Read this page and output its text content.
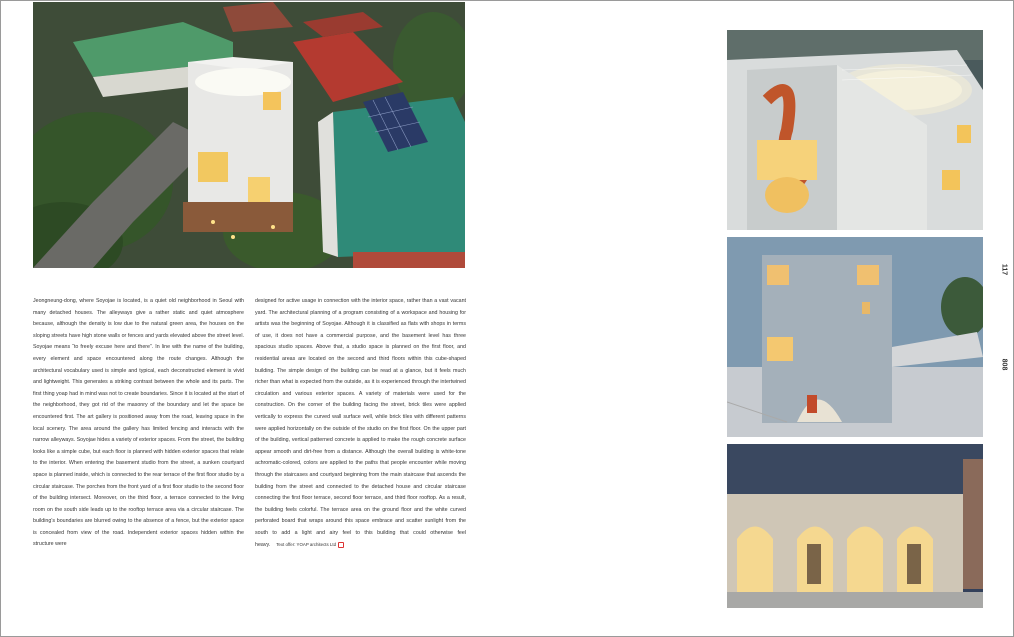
Jeongneung-dong, where Soyojae is located, is a quiet old neighborhood in Seoul with many detached houses. The alleyways give a rather static and quiet atmosphere because, although the density is low due to the natural green area, the houses on the sloping streets have high stone walls or fences and yards elevated above the street level. Soyojae means “to freely excuse here and there”. In line with the name of the building, every element and space encountered along the route changes. Although the architectural vocabulary used is simple and typical, each deconstructed element is vivid and lightweight. This generates a striking contrast between the whole and its parts. The first thing yoap had in mind was not to create boundaries. Since it is located at the start of the neighborhood, they got rid of the masonry of the boundary and let the space be encountered first. The art gallery is positioned away from the road, leaving space in the local scenery. The area around the gallery has limited fencing and interacts with the narrow alleyways. Soyojae hides a variety of exterior spaces. From the street, the building looks like a simple cube, but each floor is planned with hidden exterior spaces that relate to the interior. When entering the basement studio from the street, a sunken courtyard space is planned inside, which is connected to the rear terrace of the first floor studio by a circular staircase. The porches from the front yard of a first floor studio to the second floor of the building intersect. Moreover, on the third floor, a terrace connected to the living room on the south side leads up to the rooftop terrace area via a circular staircase. The building’s boundaries are blurred owing to the absence of a fence, but the exterior space is concealed from view of the road. Independent exterior spaces hidden within the structure were
designed for active usage in connection with the interior space, rather than a vast vacant yard. The architectural planning of a program consisting of a workspace and housing for artists was the beginning of Soyojae. Although it is classified as flats with shops in terms of use, it does not have a commercial purpose, and the basement level has three spacious studio spaces. Above that, a studio space is planned on the first floor, and residential areas are located on the second and third floors within this cube-shaped building. The simple design of the building can be read at a glance, but it feels much richer than what is expected from the outside, as it is experienced through the intertwined circulation and various exterior spaces. A variety of materials were used for the construction. On the corner of the building facing the street, brick tiles were applied vertically to express the curved wall surface well, while brick tiles with different patterns were applied horizontally on the outside of the studio on the first floor. On the upper part of the building, vertical patterned concrete is applied to make the rough concrete surface appear smooth and dirt-free from a distance. Although the overall building is white-tone achromatic-colored, colors are applied to the paths that people encounter while moving through the staircases and courtyard beginning from the main staircase that ascends the building from the street and connected to the detached house and circular staircase connecting the first floor terrace, second floor terrace, and third floor rooftop. As a result, the building feels colorful. The terrace area on the ground floor and the white curved perforated board that wraps around this space embrace and scatter sunlight from the south to add a light and airy feel to this building that could otherwise feel heavy. Text offer: YOAP architects Ltd
117
808
